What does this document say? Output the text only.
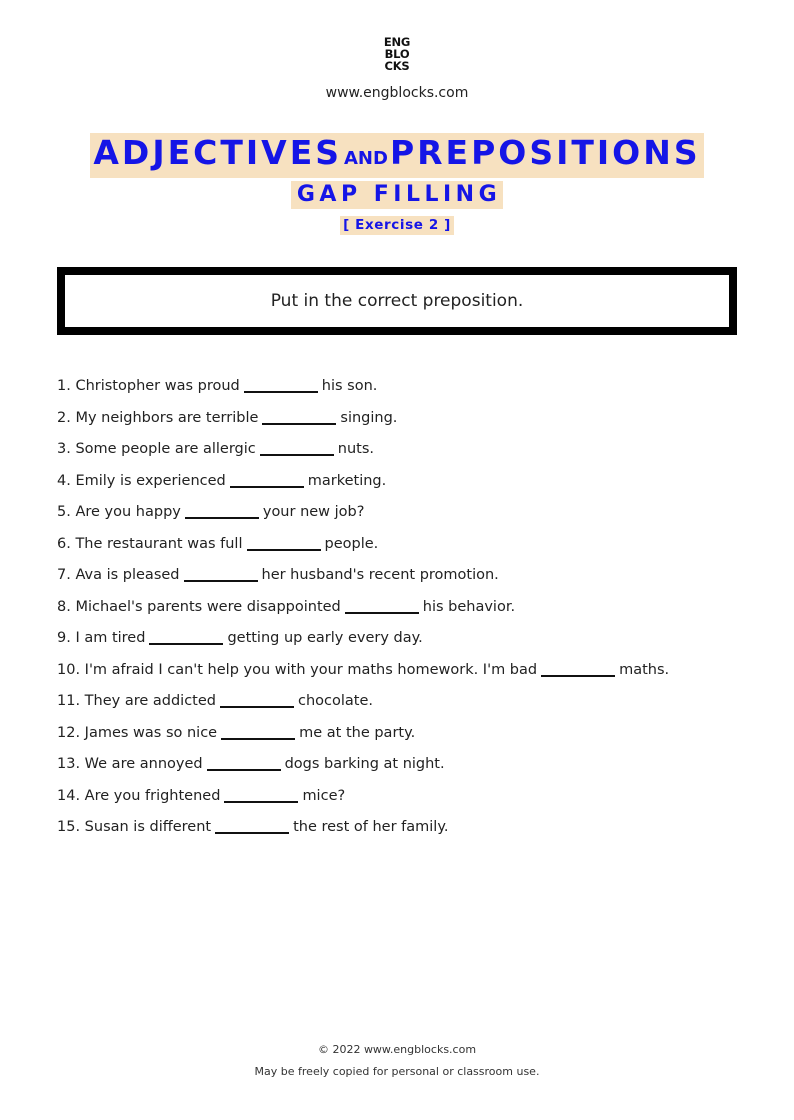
ENG
BLO
CKS
www.engblocks.com
ADJECTIVES ANDPREPOSITIONS
GAP FILLING
[ Exercise 2 ]
Put in the correct preposition.
1. Christopher was proud	his son.
2. My neighbors are terrible	singing.
3. Some people are allergic	nuts.
4. Emily is experienced	marketing.
5. Are you happy	your new job?
6. The restaurant was full	people.
7. Ava is pleased	her husband's recent promotion.
8. Michael's parents were disappointed	his behavior.
9. I am tired	getting up early every day.
10. I'm afraid I can't help you with your maths homework. I'm bad	maths.
11. They are addicted	chocolate.
12. James was so nice	me at the party.
13. We are annoyed	dogs barking at night.
14. Are you frightened	mice?
15. Susan is different	the rest of her family.
© 2022 www.engblocks.com
May be freely copied for personal or classroom use.
